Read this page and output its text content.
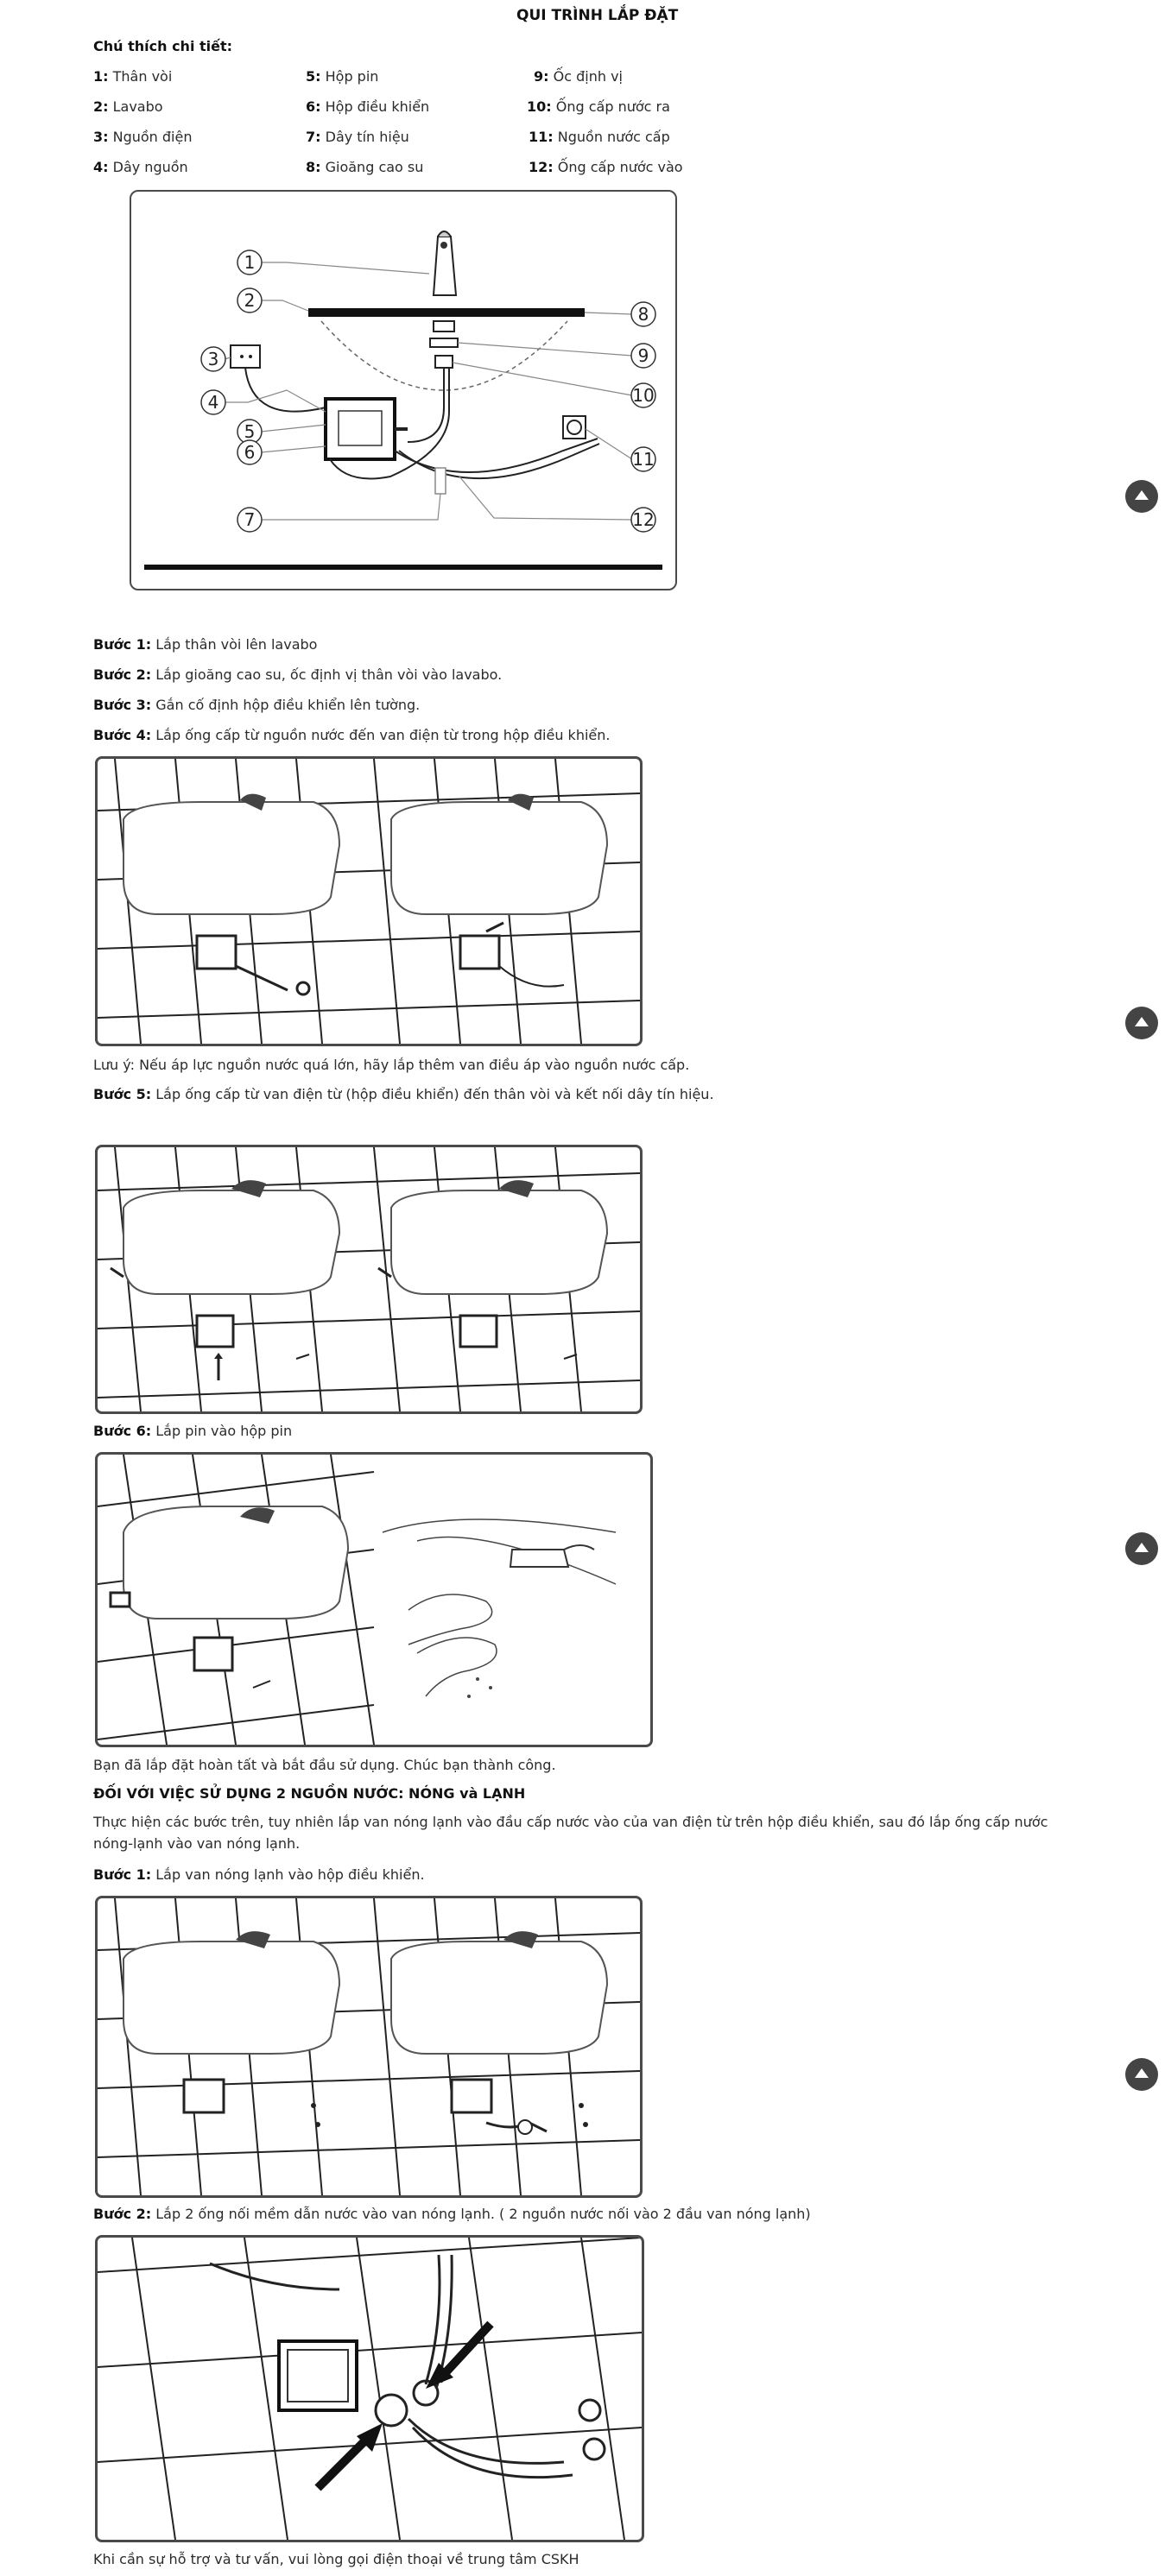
QUI TRÌNH LẮP ĐẶT
Chú thích chi tiết:
1: Thân vòi
2: Lavabo
3: Nguồn điện
4: Dây nguồn
5: Hộp pin
6: Hộp điều khiển
7: Dây tín hiệu
8: Gioăng cao su
9: Ốc định vị
10: Ống cấp nước ra
11: Nguồn nước cấp
12: Ống cấp nước vào
1
2
3
4
5
6
7
8
9
10
11
12
Bước 1: Lắp thân vòi lên lavabo
Bước 2: Lắp gioăng cao su, ốc định vị thân vòi vào lavabo.
Bước 3: Gắn cố định hộp điều khiển lên tường.
Bước 4: Lắp ống cấp từ nguồn nước đến van điện từ trong hộp điều khiển.
Lưu ý: Nếu áp lực nguồn nước quá lớn, hãy lắp thêm van điều áp vào nguồn nước cấp.
Bước 5: Lắp ống cấp từ van điện từ (hộp điều khiển) đến thân vòi và kết nối dây tín hiệu.
Bước 6: Lắp pin vào hộp pin
Bạn đã lắp đặt hoàn tất và bắt đầu sử dụng. Chúc bạn thành công.
ĐỐI VỚI VIỆC SỬ DỤNG 2 NGUỒN NƯỚC: NÓNG và LẠNH
Thực hiện các bước trên, tuy nhiên lắp van nóng lạnh vào đầu cấp nước vào của van điện từ trên hộp điều khiển, sau đó lắp ống cấp nước nóng-lạnh vào van nóng lạnh.
Bước 1: Lắp van nóng lạnh vào hộp điều khiển.
Bước 2: Lắp 2 ống nối mềm dẫn nước vào van nóng lạnh. ( 2 nguồn nước nối vào 2 đầu van nóng lạnh)
Khi cần sự hỗ trợ và tư vấn, vui lòng gọi điện thoại về trung tâm CSKH
